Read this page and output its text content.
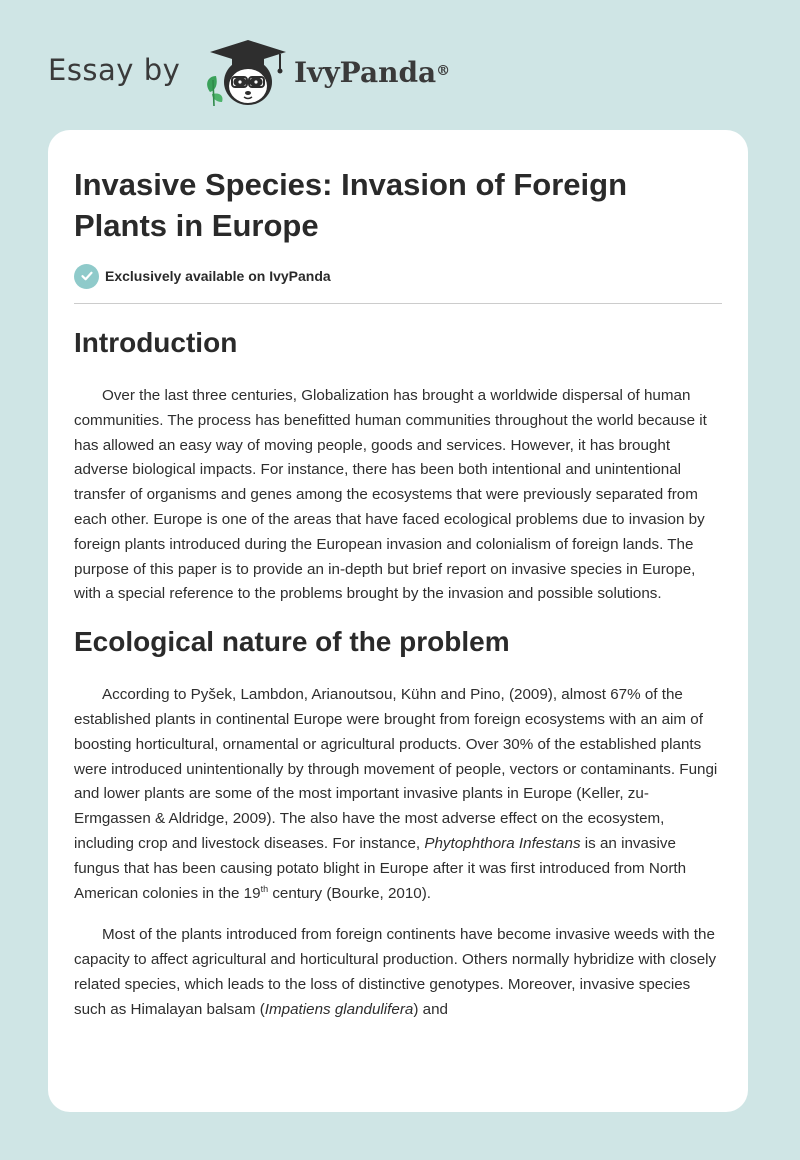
Essay by	IvyPanda®
Invasive Species: Invasion of Foreign Plants in Europe
Exclusively available on IvyPanda
Introduction

Over the last three centuries, Globalization has brought a worldwide dispersal of human communities. The process has benefitted human communities throughout the world because it has allowed an easy way of moving people, goods and services. However, it has brought adverse biological impacts. For instance, there has been both intentional and unintentional transfer of organisms and genes among the ecosystems that were previously separated from each other. Europe is one of the areas that have faced ecological problems due to invasion by foreign plants introduced during the European invasion and colonialism of foreign lands. The purpose of this paper is to provide an in-depth but brief report on invasive species in Europe, with a special reference to the problems brought by the invasion and possible solutions.

Ecological nature of the problem

According to Pyšek, Lambdon, Arianoutsou, Kühn and Pino, (2009), almost 67% of the established plants in continental Europe were brought from foreign ecosystems with an aim of boosting horticultural, ornamental or agricultural products. Over 30% of the established plants were introduced unintentionally by through movement of people, vectors or contaminants. Fungi and lower plants are some of the most important invasive plants in Europe (Keller, zu-Ermgassen & Aldridge, 2009). The also have the most adverse effect on the ecosystem, including crop and livestock diseases. For instance, Phytophthora Infestans is an invasive fungus that has been causing potato blight in Europe after it was first introduced from North American colonies in the 19th century (Bourke, 2010).

Most of the plants introduced from foreign continents have become invasive weeds with the capacity to affect agricultural and horticultural production. Others normally hybridize with closely related species, which leads to the loss of distinctive genotypes. Moreover, invasive species such as Himalayan balsam (Impatiens glandulifera) and
